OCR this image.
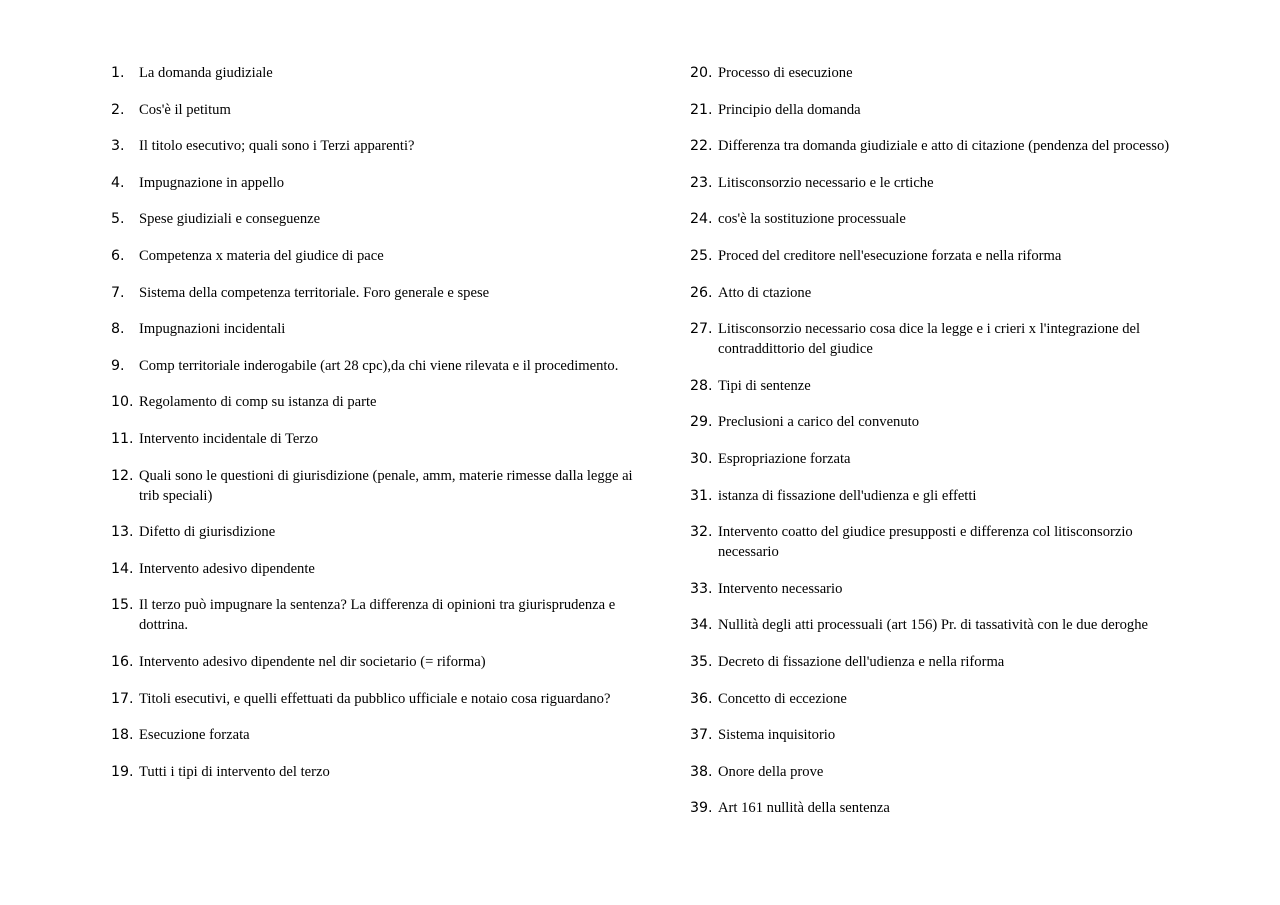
1. La domanda giudiziale
2. Cos'è il petitum
3. Il titolo esecutivo; quali sono i Terzi apparenti?
4. Impugnazione in appello
5. Spese giudiziali e conseguenze
6. Competenza x materia del giudice di pace
7. Sistema della competenza territoriale. Foro generale e spese
8. Impugnazioni incidentali
9. Comp territoriale inderogabile (art 28 cpc),da chi viene rilevata e il procedimento.
10. Regolamento di comp su istanza di parte
11. Intervento incidentale di Terzo
12. Quali sono le questioni di giurisdizione (penale, amm, materie rimesse dalla legge ai trib speciali)
13. Difetto di giurisdizione
14. Intervento adesivo dipendente
15. Il terzo può impugnare la sentenza? La differenza di opinioni tra giurisprudenza e dottrina.
16. Intervento adesivo dipendente nel dir societario (= riforma)
17. Titoli esecutivi, e quelli effettuati da pubblico ufficiale e notaio cosa riguardano?
18. Esecuzione forzata
19. Tutti i tipi di intervento del terzo
20. Processo di esecuzione
21. Principio della domanda
22. Differenza tra domanda giudiziale e atto di citazione (pendenza del processo)
23. Litisconsorzio necessario e le crtiche
24. cos'è la sostituzione processuale
25. Proced del creditore nell'esecuzione forzata e nella riforma
26. Atto di ctazione
27. Litisconsorzio necessario cosa dice la legge e i crieri x l'integrazione del contraddittorio del giudice
28. Tipi di sentenze
29. Preclusioni a carico del convenuto
30. Espropriazione forzata
31. istanza di fissazione dell'udienza e gli effetti
32. Intervento coatto del giudice presupposti e differenza col litisconsorzio necessario
33. Intervento necessario
34. Nullità degli atti processuali (art 156) Pr. di tassatività con le due deroghe
35. Decreto di fissazione dell'udienza e nella riforma
36. Concetto di eccezione
37. Sistema inquisitorio
38. Onore della prove
39. Art 161 nullità della sentenza
